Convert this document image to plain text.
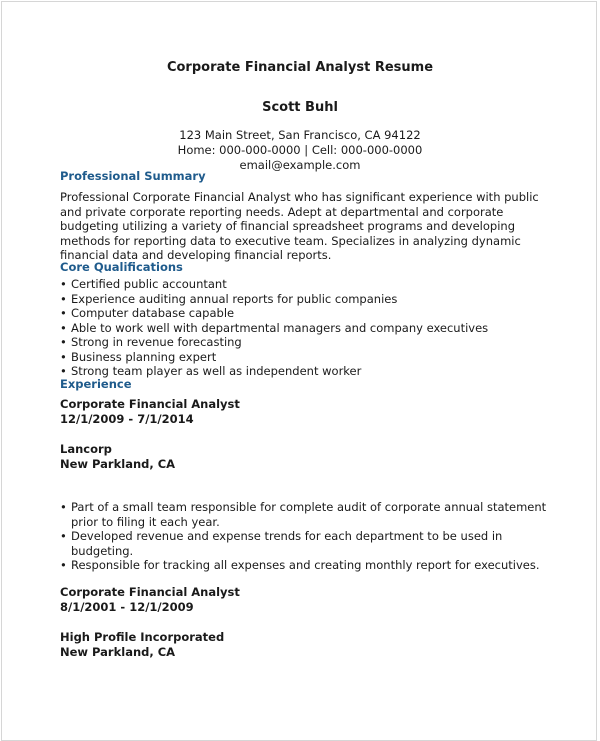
Corporate Financial Analyst Resume
Scott Buhl
123 Main Street, San Francisco, CA 94122
Home: 000-000-0000 | Cell: 000-000-0000
email@example.com
Professional Summary
Professional Corporate Financial Analyst who has significant experience with public and private corporate reporting needs. Adept at departmental and corporate budgeting utilizing a variety of financial spreadsheet programs and developing methods for reporting data to executive team. Specializes in analyzing dynamic financial data and developing financial reports.
Core Qualifications
• Certified public accountant
• Experience auditing annual reports for public companies
• Computer database capable
• Able to work well with departmental managers and company executives
• Strong in revenue forecasting
• Business planning expert
• Strong team player as well as independent worker
Experience
Corporate Financial Analyst
12/1/2009 - 7/1/2014
Lancorp
New Parkland, CA
• Part of a small team responsible for complete audit of corporate annual statement prior to filing it each year.
• Developed revenue and expense trends for each department to be used in budgeting.
• Responsible for tracking all expenses and creating monthly report for executives.
Corporate Financial Analyst
8/1/2001 - 12/1/2009
High Profile Incorporated
New Parkland, CA
